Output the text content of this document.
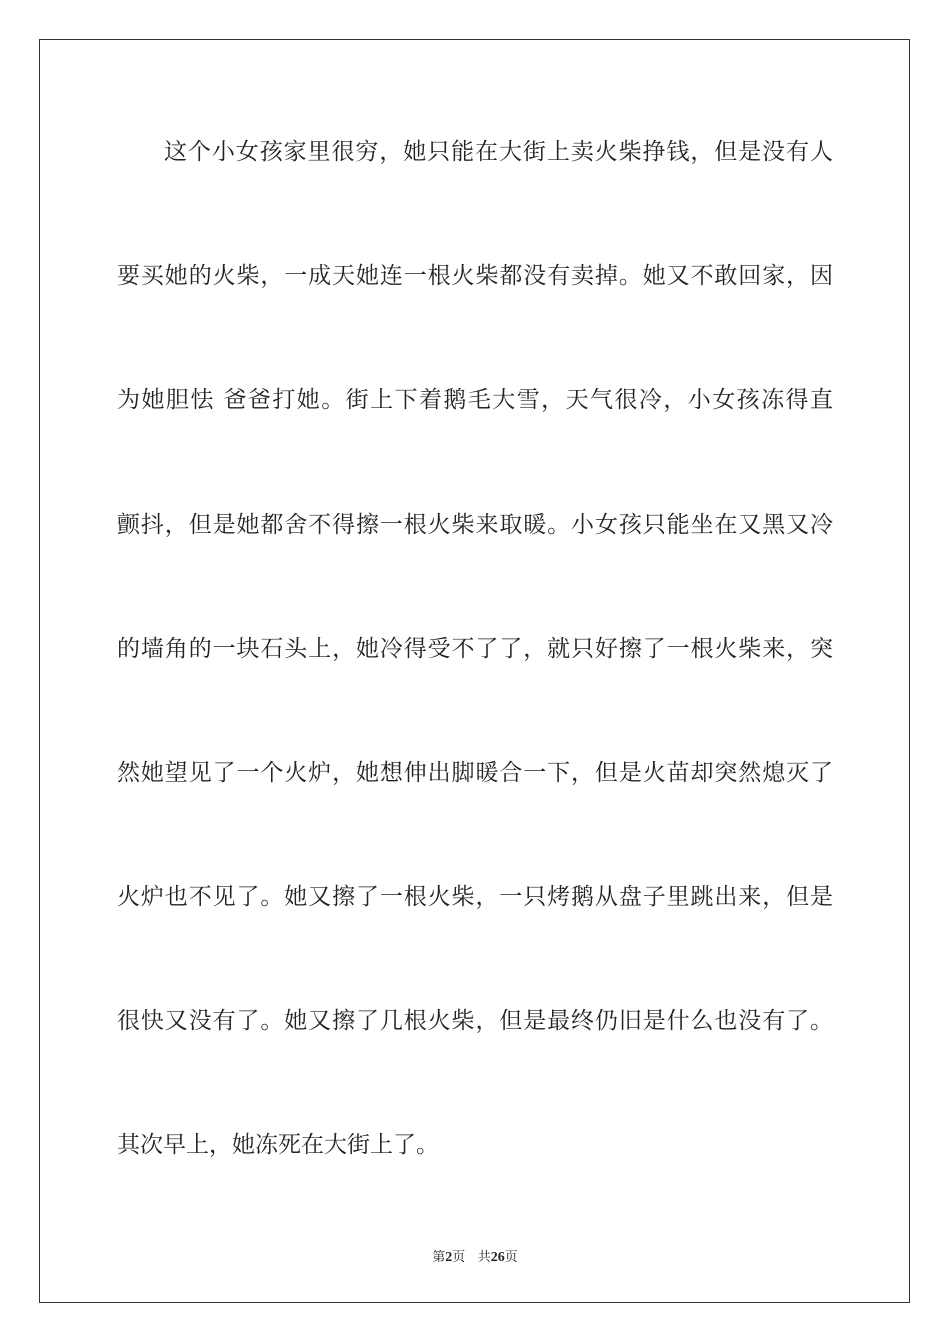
这个小女孩家里很穷，她只能在大街上卖火柴挣钱，但是没有人
要买她的火柴，一成天她连一根火柴都没有卖掉。她又不敢回家，因
为她胆怯 爸爸打她。街上下着鹅毛大雪，天气很冷，小女孩冻得直
颤抖，但是她都舍不得擦一根火柴来取暖。小女孩只能坐在又黑又冷
的墙角的一块石头上，她冷得受不了了，就只好擦了一根火柴来，突
然她望见了一个火炉，她想伸出脚暖合一下，但是火苗却突然熄灭了
火炉也不见了。她又擦了一根火柴，一只烤鹅从盘子里跳出来，但是
很快又没有了。她又擦了几根火柴，但是最终仍旧是什么也没有了。
其次早上，她冻死在大街上了。
第2页 共26页
